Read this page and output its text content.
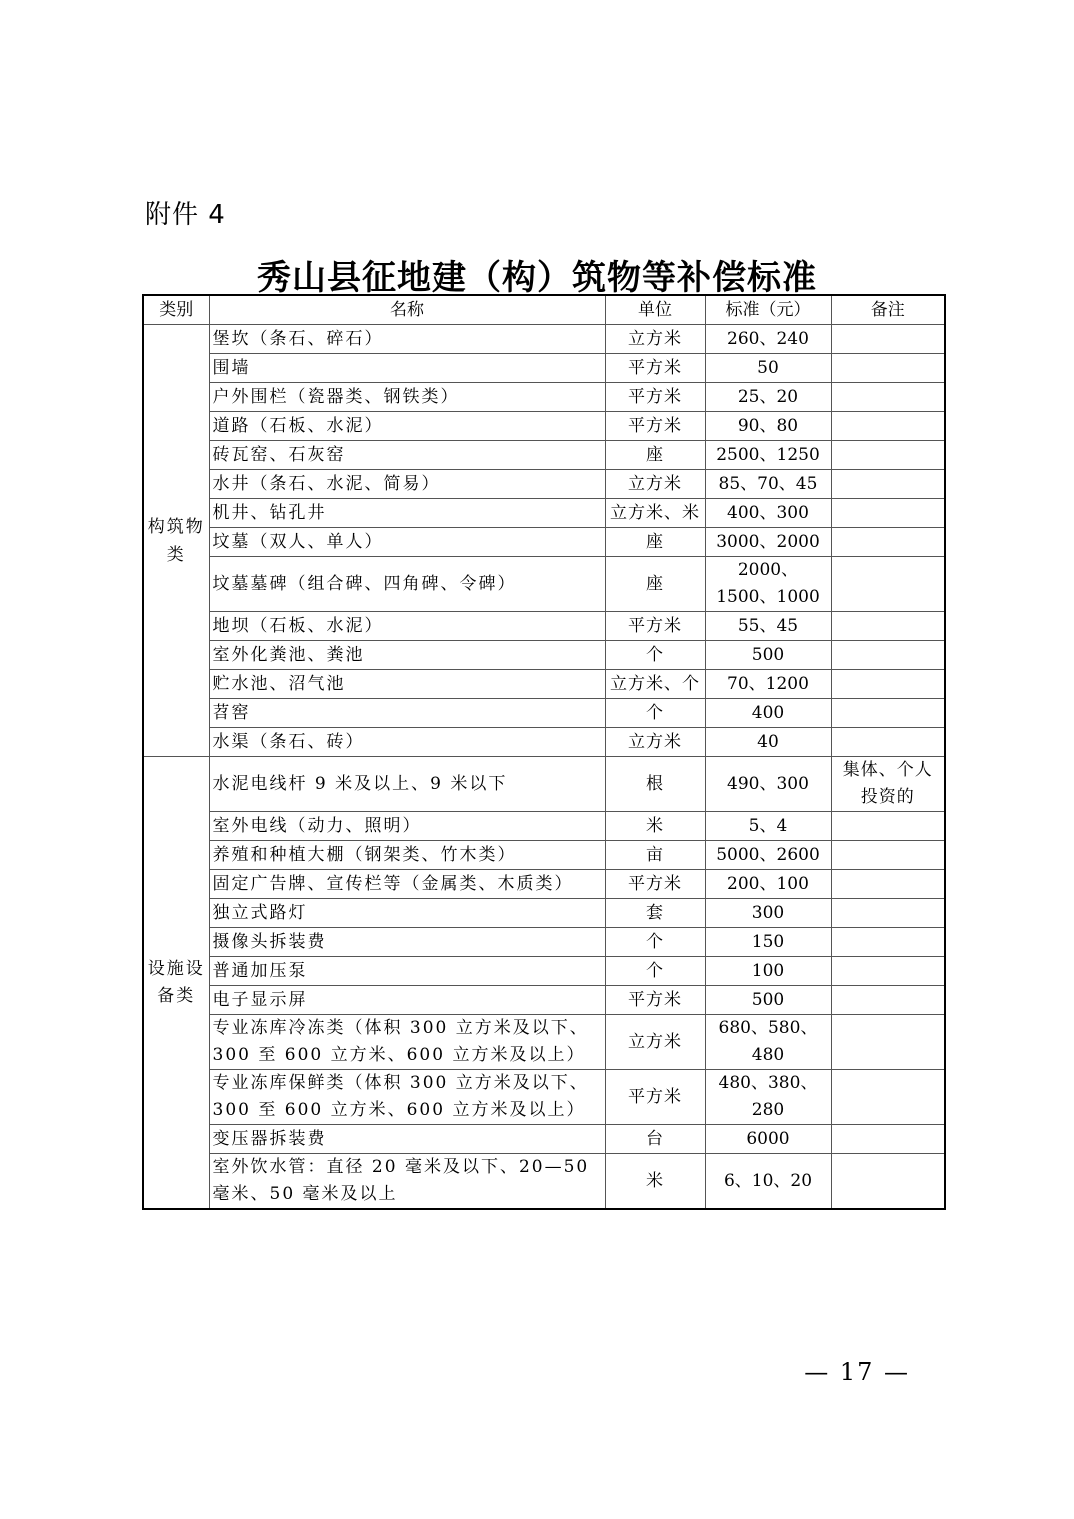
附件 4
秀山县征地建（构）筑物等补偿标准
类别	名称	单位	标准（元）	备注
构筑物类	堡坎（条石、碎石）	立方米	260、240	
	围墙	平方米	50	
	户外围栏（瓷器类、钢铁类）	平方米	25、20	
	道路（石板、水泥）	平方米	90、80	
	砖瓦窑、石灰窑	座	2500、1250	
	水井（条石、水泥、简易）	立方米	85、70、45	
	机井、钻孔井	立方米、米	400、300	
	坟墓（双人、单人）	座	3000、2000	
	坟墓墓碑（组合碑、四角碑、令碑）	座	2000、1500、1000	
	地坝（石板、水泥）	平方米	55、45	
	室外化粪池、粪池	个	500	
	贮水池、沼气池	立方米、个	70、1200	
	苕窖	个	400	
	水渠（条石、砖）	立方米	40	
设施设备类	水泥电线杆 9 米及以上、9 米以下	根	490、300	集体、个人投资的
	室外电线（动力、照明）	米	5、4	
	养殖和种植大棚（钢架类、竹木类）	亩	5000、2600	
	固定广告牌、宣传栏等（金属类、木质类）	平方米	200、100	
	独立式路灯	套	300	
	摄像头拆装费	个	150	
	普通加压泵	个	100	
	电子显示屏	平方米	500	
	专业冻库冷冻类（体积 300 立方米及以下、300 至 600 立方米、600 立方米及以上）	立方米	680、580、480	
	专业冻库保鲜类（体积 300 立方米及以下、300 至 600 立方米、600 立方米及以上）	平方米	480、380、280	
	变压器拆装费	台	6000	
	室外饮水管：直径 20 毫米及以下、20—50 毫米、50 毫米及以上	米	6、10、20	
— 17 —
